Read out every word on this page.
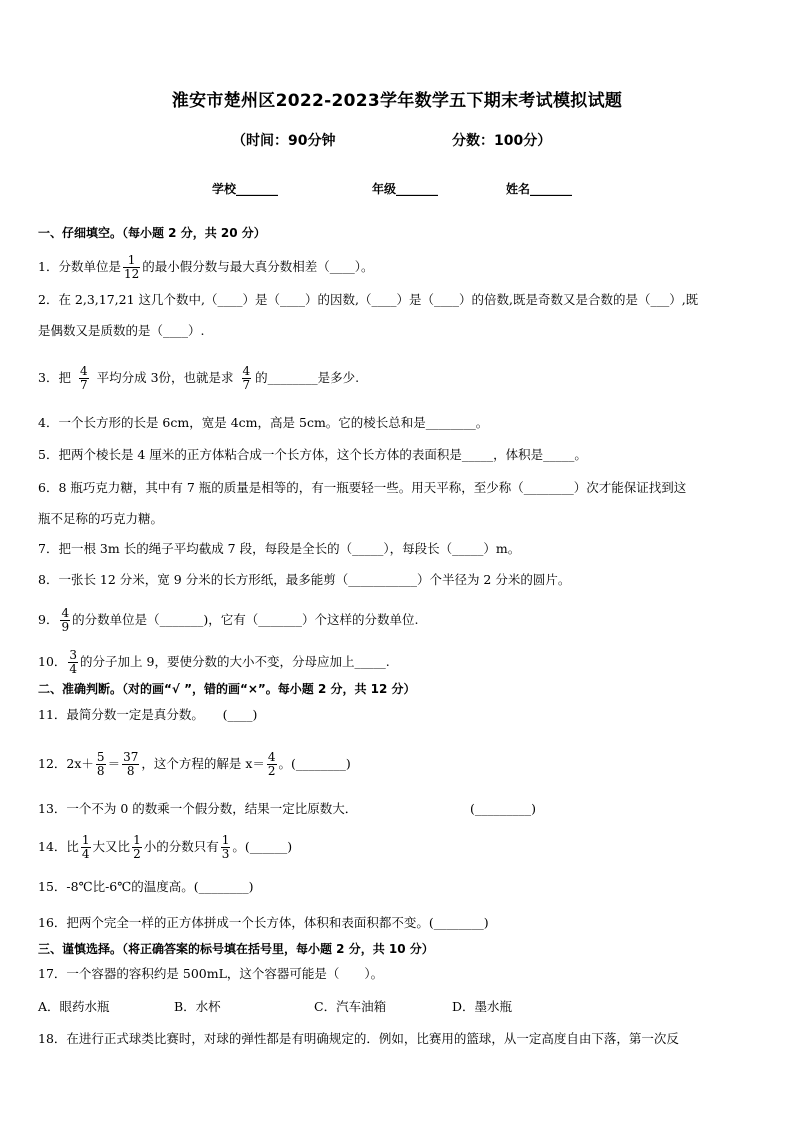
淮安市楚州区2022-2023学年数学五下期末考试模拟试题
（时间：90分钟	分数：100分）
学校_______	年级_______	姓名_______
一、仔细填空。（每小题 2 分，共 20 分）
1．分数单位是 $\frac{1}{12}$ 的最小假分数与最大真分数相差（____）。
2．在 2,3,17,21 这几个数中,（____）是（____）的因数,（____）是（____）的倍数,既是奇数又是合数的是（___）,既
是偶数又是质数的是（____）.
3．把 $\frac{4}{7}$ 平均分成 3份，也就是求 $\frac{4}{7}$ 的________是多少.
4．一个长方形的长是 6cm，宽是 4cm，高是 5cm。它的棱长总和是________。
5．把两个棱长是 4 厘米的正方体粘合成一个长方体，这个长方体的表面积是_____，体积是_____。
6．8 瓶巧克力糖，其中有 7 瓶的质量是相等的，有一瓶要轻一些。用天平称，至少称（________）次才能保证找到这
瓶不足称的巧克力糖。
7．把一根 3m 长的绳子平均截成 7 段，每段是全长的（_____），每段长（_____）m。
8．一张长 12 分米，宽 9 分米的长方形纸，最多能剪（___________）个半径为 2 分米的圆片。
9． $\frac{4}{9}$ 的分数单位是（_______)，它有（_______）个这样的分数单位.
10． $\frac{3}{4}$ 的分子加上 9，要使分数的大小不变，分母应加上_____.
二、准确判断。（对的画“√ ”，错的画“×”。每小题 2 分，共 12 分）
11．最简分数一定是真分数。　　(____)
12．$2x+ \frac{5}{8} = \frac{37}{8}$ ，这个方程的解是 $x= \frac{4}{2}$ 。(________)
13．一个不为 0 的数乘一个假分数，结果一定比原数大．	(_________)
14．比 $\frac{1}{4}$ 大又比 $\frac{1}{2}$ 小的分数只有 $\frac{1}{3}$ 。(______)
15．-8℃比-6℃的温度高。(________)
16．把两个完全一样的正方体拼成一个长方体，体积和表面积都不变。(________)
三、谨慎选择。（将正确答案的标号填在括号里，每小题 2 分，共 10 分）
17．一个容器的容积约是 500mL，这个容器可能是（　　）。
A．眼药水瓶	B．水杯	C．汽车油箱	D．墨水瓶
18．在进行正式球类比赛时，对球的弹性都是有明确规定的．例如，比赛用的篮球，从一定高度自由下落，第一次反
